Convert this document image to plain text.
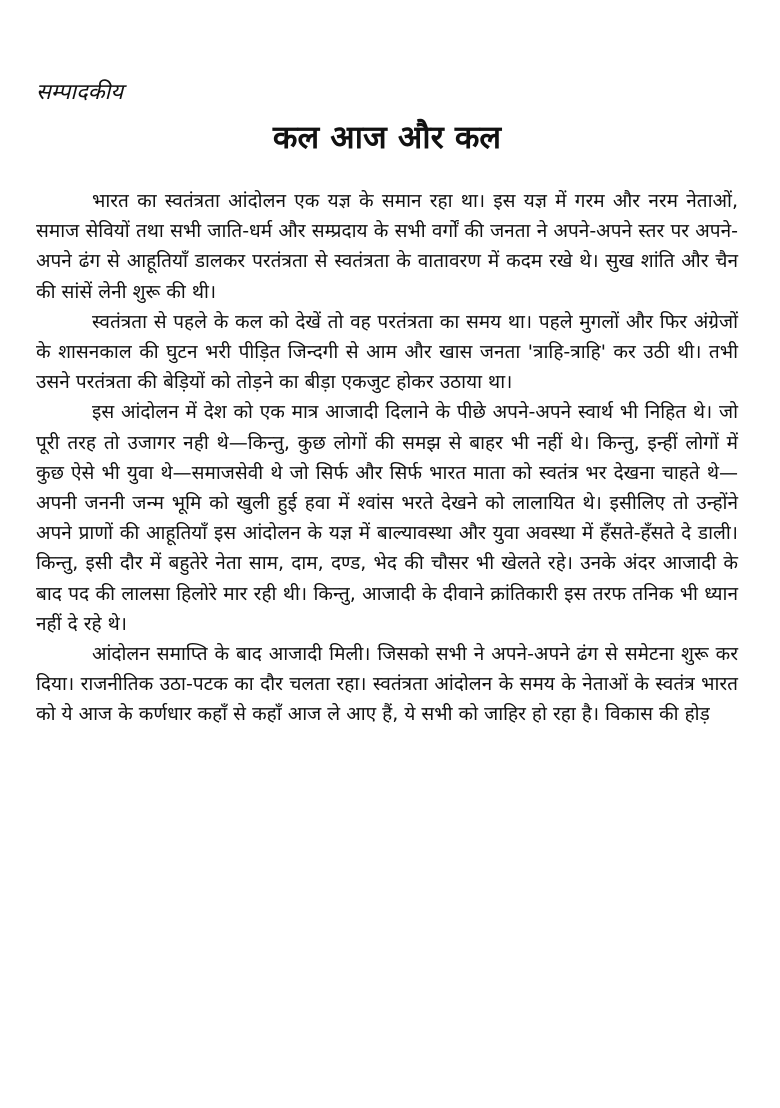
सम्पादकीय
कल आज और कल

भारत का स्वतंत्रता आंदोलन एक यज्ञ के समान रहा था। इस यज्ञ में गरम और नरम नेताओं, समाज सेवियों तथा सभी जाति-धर्म और सम्प्रदाय के सभी वर्गों की जनता ने अपने-अपने स्तर पर अपने-अपने ढंग से आहूतियाँ डालकर परतंत्रता से स्वतंत्रता के वातावरण में कदम रखे थे। सुख शांति और चैन की सांसें लेनी शुरू की थी।

स्वतंत्रता से पहले के कल को देखें तो वह परतंत्रता का समय था। पहले मुगलों और फिर अंग्रेजों के शासनकाल की घुटन भरी पीड़ित जिन्दगी से आम और खास जनता 'त्राहि-त्राहि' कर उठी थी। तभी उसने परतंत्रता की बेड़ियों को तोड़ने का बीड़ा एकजुट होकर उठाया था।

इस आंदोलन में देश को एक मात्र आजादी दिलाने के पीछे अपने-अपने स्वार्थ भी निहित थे। जो पूरी तरह तो उजागर नही थे—किन्तु, कुछ लोगों की समझ से बाहर भी नहीं थे। किन्तु, इन्हीं लोगों में कुछ ऐसे भी युवा थे—समाजसेवी थे जो सिर्फ और सिर्फ भारत माता को स्वतंत्र भर देखना चाहते थे—अपनी जननी जन्म भूमि को खुली हुई हवा में श्वांस भरते देखने को लालायित थे। इसीलिए तो उन्होंने अपने प्राणों की आहूतियाँ इस आंदोलन के यज्ञ में बाल्यावस्था और युवा अवस्था में हँसते-हँसते दे डाली। किन्तु, इसी दौर में बहुतेरे नेता साम, दाम, दण्ड, भेद की चौसर भी खेलते रहे। उनके अंदर आजादी के बाद पद की लालसा हिलोरे मार रही थी। किन्तु, आजादी के दीवाने क्रांतिकारी इस तरफ तनिक भी ध्यान नहीं दे रहे थे।

आंदोलन समाप्ति के बाद आजादी मिली। जिसको सभी ने अपने-अपने ढंग से समेटना शुरू कर दिया। राजनीतिक उठा-पटक का दौर चलता रहा। स्वतंत्रता आंदोलन के समय के नेताओं के स्वतंत्र भारत को ये आज के कर्णधार कहाँ से कहाँ आज ले आए हैं, ये सभी को जाहिर हो रहा है। विकास की होड़
